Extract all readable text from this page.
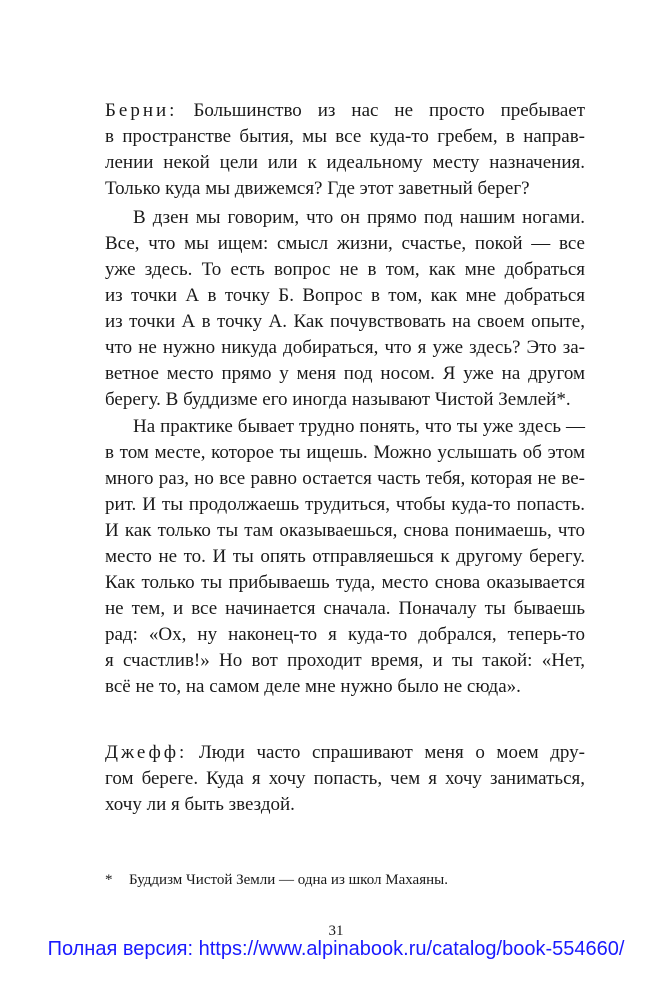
Берни: Большинство из нас не просто пребывает
в пространстве бытия, мы все куда-то гребем, в направ-
лении некой цели или к идеальному месту назначения.
Только куда мы движемся? Где этот заветный берег?
В дзен мы говорим, что он прямо под нашим ногами.
Все, что мы ищем: смысл жизни, счастье, покой — все
уже здесь. То есть вопрос не в том, как мне добраться
из точки А в точку Б. Вопрос в том, как мне добраться
из точки А в точку А. Как почувствовать на своем опыте,
что не нужно никуда добираться, что я уже здесь? Это за-
ветное место прямо у меня под носом. Я уже на другом
берегу. В буддизме его иногда называют Чистой Землей*.
На практике бывает трудно понять, что ты уже здесь —
в том месте, которое ты ищешь. Можно услышать об этом
много раз, но все равно остается часть тебя, которая не ве-
рит. И ты продолжаешь трудиться, чтобы куда-то попасть.
И как только ты там оказываешься, снова понимаешь, что
место не то. И ты опять отправляешься к другому берегу.
Как только ты прибываешь туда, место снова оказывается
не тем, и все начинается сначала. Поначалу ты бываешь
рад: «Ох, ну наконец-то я куда-то добрался, теперь-то
я счастлив!» Но вот проходит время, и ты такой: «Нет,
всё не то, на самом деле мне нужно было не сюда».
Джефф: Люди часто спрашивают меня о моем дру-
гом береге. Куда я хочу попасть, чем я хочу заниматься,
хочу ли я быть звездой.
* Буддизм Чистой Земли — одна из школ Махаяны.
31
Полная версия: https://www.alpinabook.ru/catalog/book-554660/
